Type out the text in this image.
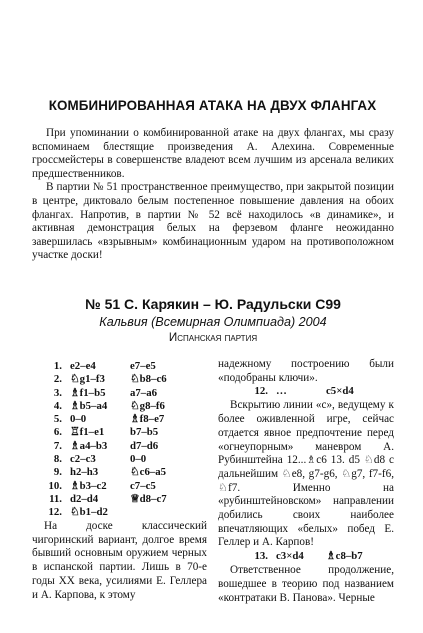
КОМБИНИРОВАННАЯ АТАКА НА ДВУХ ФЛАНГАХ

При упоминании о комбинированной атаке на двух флангах, мы сразу вспоминаем блестящие произведения А. Алехина. Современные гроссмейстеры в совершенстве владеют всем лучшим из арсенала великих предшественников.

В партии № 51 пространственное преимущество, при закрытой позиции в центре, диктовало белым постепенное повышение давления на обоих флангах. Напротив, в партии № 52 всё находилось «в динамике», и активная демонстрация белых на ферзевом фланге неожиданно завершилась «взрывным» комбинационным ударом на противоположном участке доски!

№ 51 С. Карякин – Ю. Радульски C99

Кальвия (Всемирная Олимпиада) 2004

Испанская партия

1. e2–e4	e7–e5
2. ♘g1–f3	♘b8–c6
3. ♗f1–b5	a7–a6
4. ♗b5–a4	♘g8–f6
5. 0–0	♗f8–e7
6. ♖f1–e1	b7–b5
7. ♗a4–b3	d7–d6
8. c2–c3	0–0
9. h2–h3	♘c6–a5
10. ♗b3–c2	c7–c5
11. d2–d4	♕d8–c7
12. ♘b1–d2

На доске классический чигоринский вариант, долгое время бывший основным оружием черных в испанской партии. Лишь в 70-е годы XX века, усилиями Е. Геллера и А. Карпова, к этому

надежному построению были «подобраны ключи».

12. …	c5×d4

Вскрытию линии «c», ведущему к более оживленной игре, сейчас отдается явное предпочтение перед «огнеупорным» маневром А. Рубинштейна 12...♗c6 13. d5 ♘d8 с дальнейшим ♘e8, g7-g6, ♘g7, f7-f6, ♘f7. Именно на «рубинштейновском» направлении добились своих наиболее впечатляющих «белых» побед Е. Геллер и А. Карпов!

13. c3×d4	♗c8–b7

Ответственное продолжение, вошедшее в теорию под названием «контратаки В. Панова». Черные
